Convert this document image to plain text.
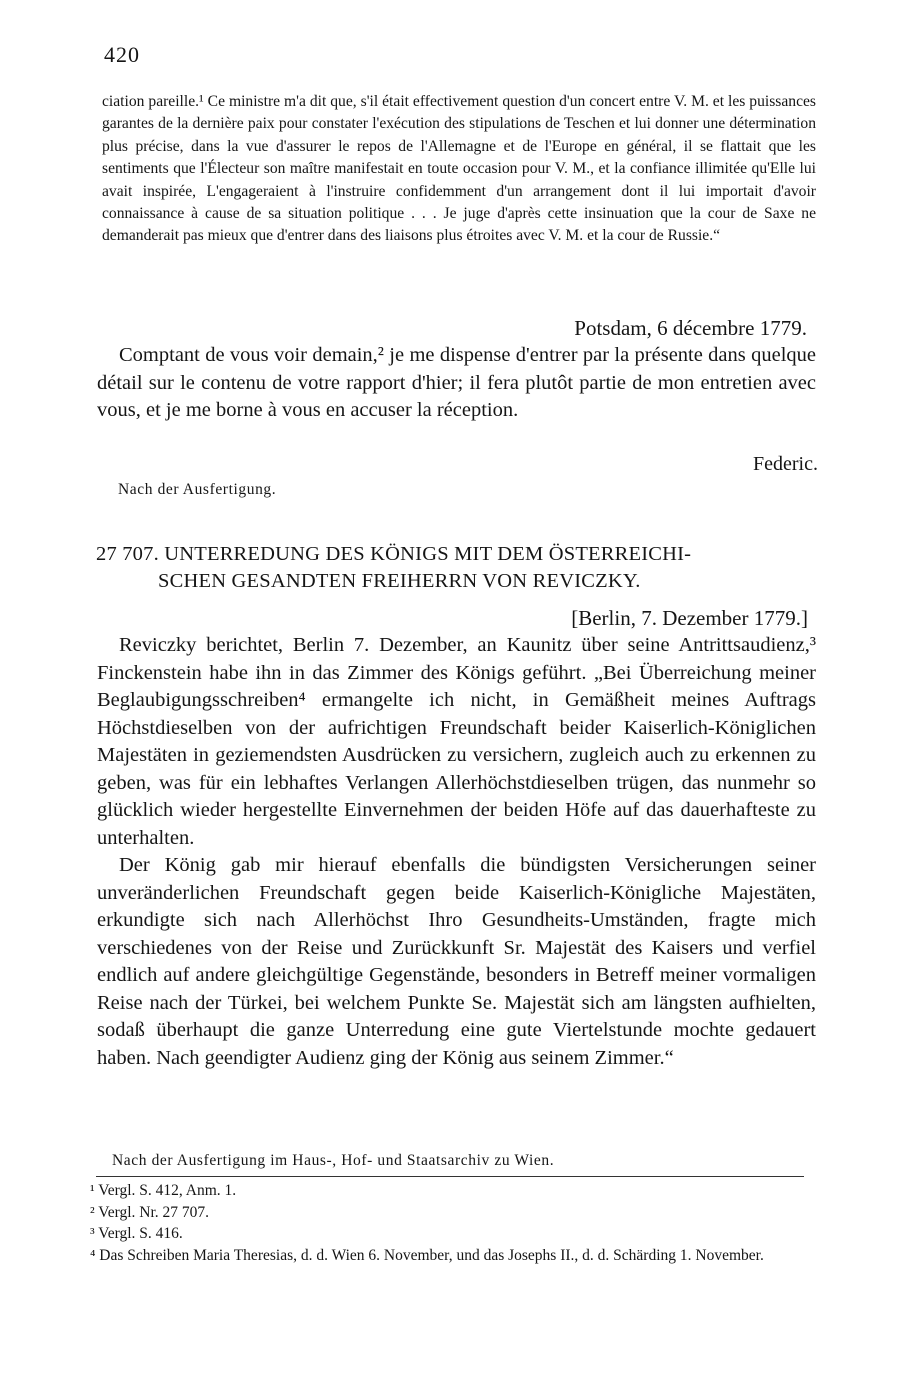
420

ciation pareille.¹ Ce ministre m'a dit que, s'il était effectivement question d'un concert entre V. M. et les puissances garantes de la dernière paix pour constater l'exécution des stipulations de Teschen et lui donner une détermination plus précise, dans la vue d'assurer le repos de l'Allemagne et de l'Europe en général, il se flattait que les sentiments que l'Électeur son maître manifestait en toute occasion pour V. M., et la confiance illimitée qu'Elle lui avait inspirée, L'engageraient à l'instruire confidemment d'un arrangement dont il lui importait d'avoir connaissance à cause de sa situation politique . . . Je juge d'après cette insinuation que la cour de Saxe ne demanderait pas mieux que d'entrer dans des liaisons plus étroites avec V. M. et la cour de Russie.“

Potsdam, 6 décembre 1779.

Comptant de vous voir demain,² je me dispense d'entrer par la présente dans quelque détail sur le contenu de votre rapport d'hier; il fera plutôt partie de mon entretien avec vous, et je me borne à vous en accuser la réception.

Federic.
Nach der Ausfertigung.
27 707. UNTERREDUNG DES KÖNIGS MIT DEM ÖSTERREICHI-
SCHEN GESANDTEN FREIHERRN VON REVICZKY.
[Berlin, 7. Dezember 1779.]

Reviczky berichtet, Berlin 7. Dezember, an Kaunitz über seine Antrittsaudienz,³ Finckenstein habe ihn in das Zimmer des Königs geführt. „Bei Überreichung meiner Beglaubigungsschreiben⁴ ermangelte ich nicht, in Gemäßheit meines Auftrags Höchstdieselben von der aufrichtigen Freundschaft beider Kaiserlich-Königlichen Majestäten in geziemendsten Ausdrücken zu versichern, zugleich auch zu erkennen zu geben, was für ein lebhaftes Verlangen Allerhöchstdieselben trügen, das nunmehr so glücklich wieder hergestellte Einvernehmen der beiden Höfe auf das dauerhafteste zu unterhalten.

Der König gab mir hierauf ebenfalls die bündigsten Versicherungen seiner unveränderlichen Freundschaft gegen beide Kaiserlich-Königliche Majestäten, erkundigte sich nach Allerhöchst Ihro Gesundheits-Umständen, fragte mich verschiedenes von der Reise und Zurückkunft Sr. Majestät des Kaisers und verfiel endlich auf andere gleichgültige Gegenstände, besonders in Betreff meiner vormaligen Reise nach der Türkei, bei welchem Punkte Se. Majestät sich am längsten aufhielten, sodaß überhaupt die ganze Unterredung eine gute Viertelstunde mochte gedauert haben. Nach geendigter Audienz ging der König aus seinem Zimmer.“

Nach der Ausfertigung im Haus-, Hof- und Staatsarchiv zu Wien.
¹ Vergl. S. 412, Anm. 1.
² Vergl. Nr. 27 707.
³ Vergl. S. 416.
⁴ Das Schreiben Maria Theresias, d. d. Wien 6. November, und das Josephs II., d. d. Schärding 1. November.
